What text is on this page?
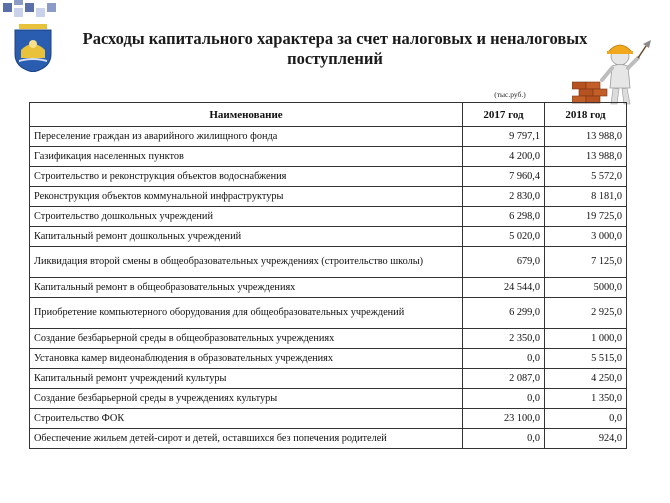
Расходы капитального характера за счет налоговых и неналоговых поступлений
(тыс.руб.)
Наименование	2017 год	2018 год
Переселение граждан из аварийного жилищного фонда	9 797,1	13 988,0
Газификация населенных пунктов	4 200,0	13 988,0
Строительство и реконструкция объектов водоснабжения	7 960,4	5 572,0
Реконструкция объектов коммунальной инфраструктуры	2 830,0	8 181,0
Строительство дошкольных учреждений	6 298,0	19 725,0
Капитальный ремонт дошкольных учреждений	5 020,0	3 000,0
Ликвидация второй смены в общеобразовательных учреждениях (строительство школы)	679,0	7 125,0
Капитальный ремонт в общеобразовательных учреждениях	24 544,0	5000,0
Приобретение компьютерного оборудования для общеобразовательных учреждений	6 299,0	2 925,0
Создание безбарьерной среды в общеобразовательных учреждениях	2 350,0	1 000,0
Установка камер видеонаблюдения в образовательных учреждениях	0,0	5 515,0
Капитальный ремонт учреждений культуры	2 087,0	4 250,0
Создание безбарьерной среды в учреждениях культуры	0,0	1 350,0
Строительство ФОК	23 100,0	0,0
Обеспечение жильем детей-сирот и детей, оставшихся без попечения родителей	0,0	924,0
